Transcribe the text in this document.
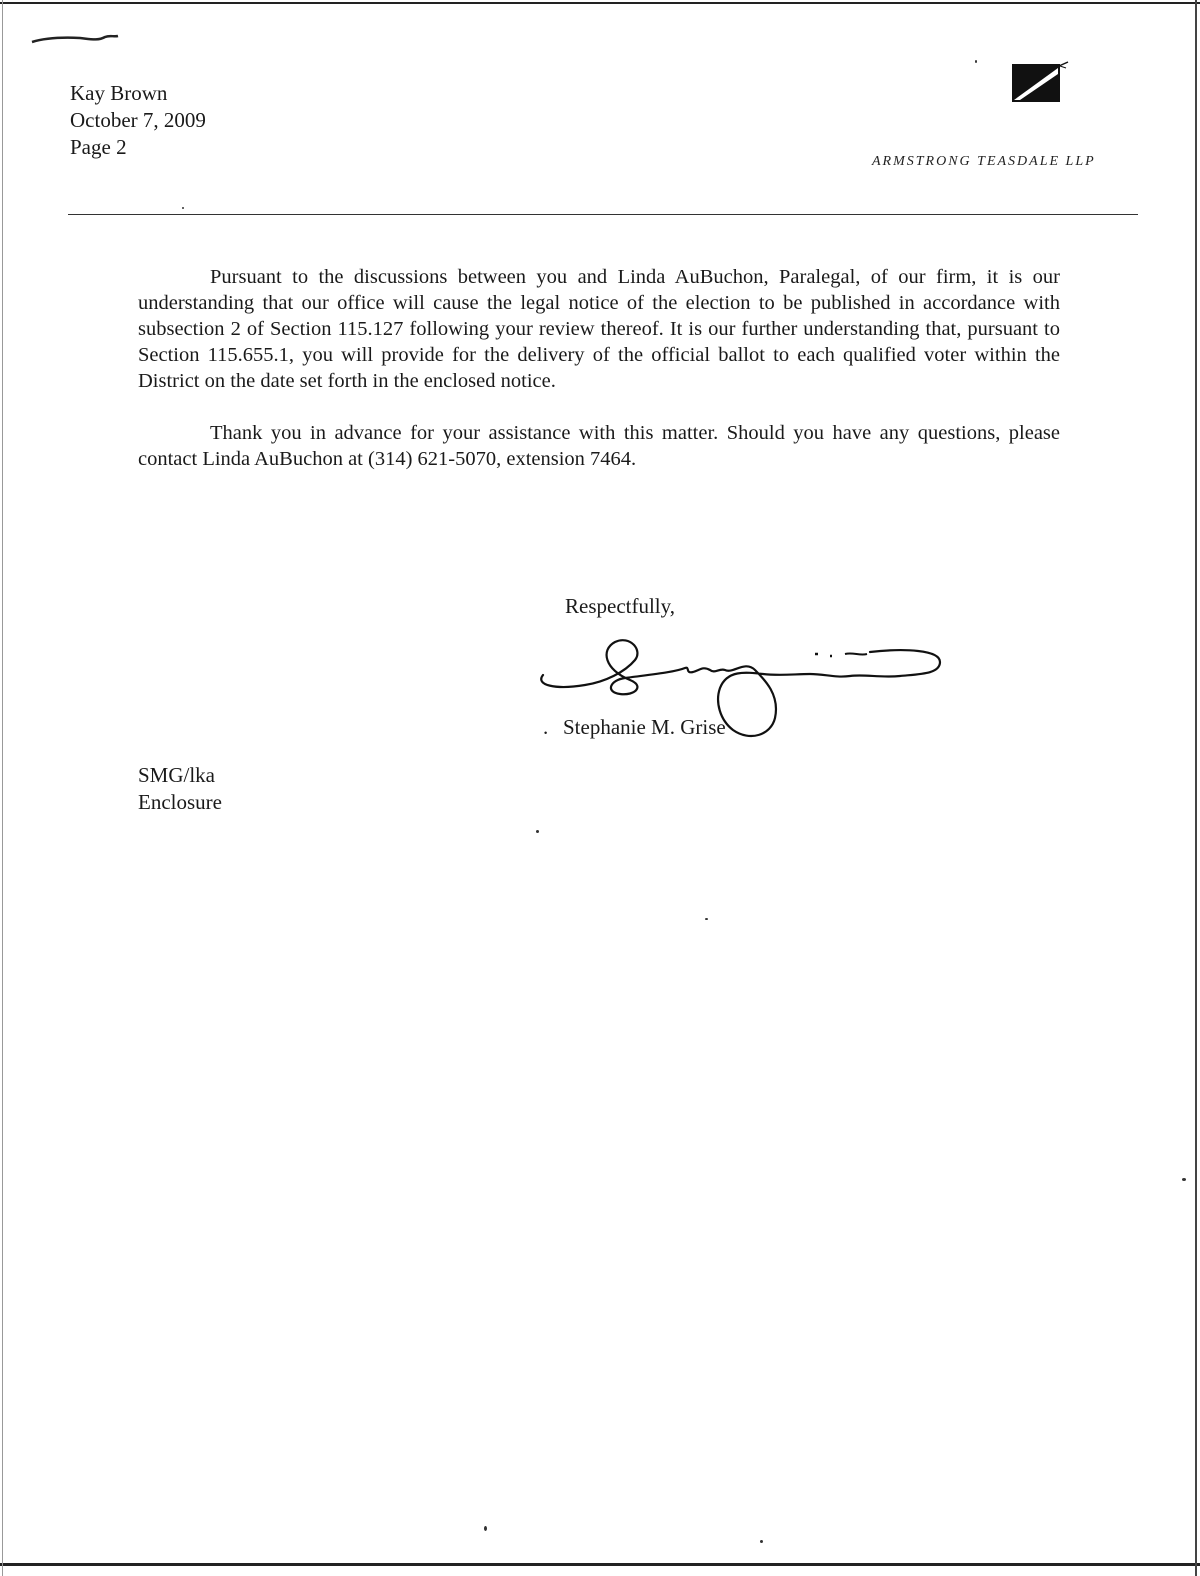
Kay Brown
October 7, 2009
Page 2
ARMSTRONG TEASDALE LLP

Pursuant to the discussions between you and Linda AuBuchon, Paralegal, of our firm, it is our understanding that our office will cause the legal notice of the election to be published in accordance with subsection 2 of Section 115.127 following your review thereof. It is our further understanding that, pursuant to Section 115.655.1, you will provide for the delivery of the official ballot to each qualified voter within the District on the date set forth in the enclosed notice.

Thank you in advance for your assistance with this matter. Should you have any questions, please contact Linda AuBuchon at (314) 621-5070, extension 7464.

Respectfully,
. Stephanie M. Grise
SMG/lka
Enclosure
